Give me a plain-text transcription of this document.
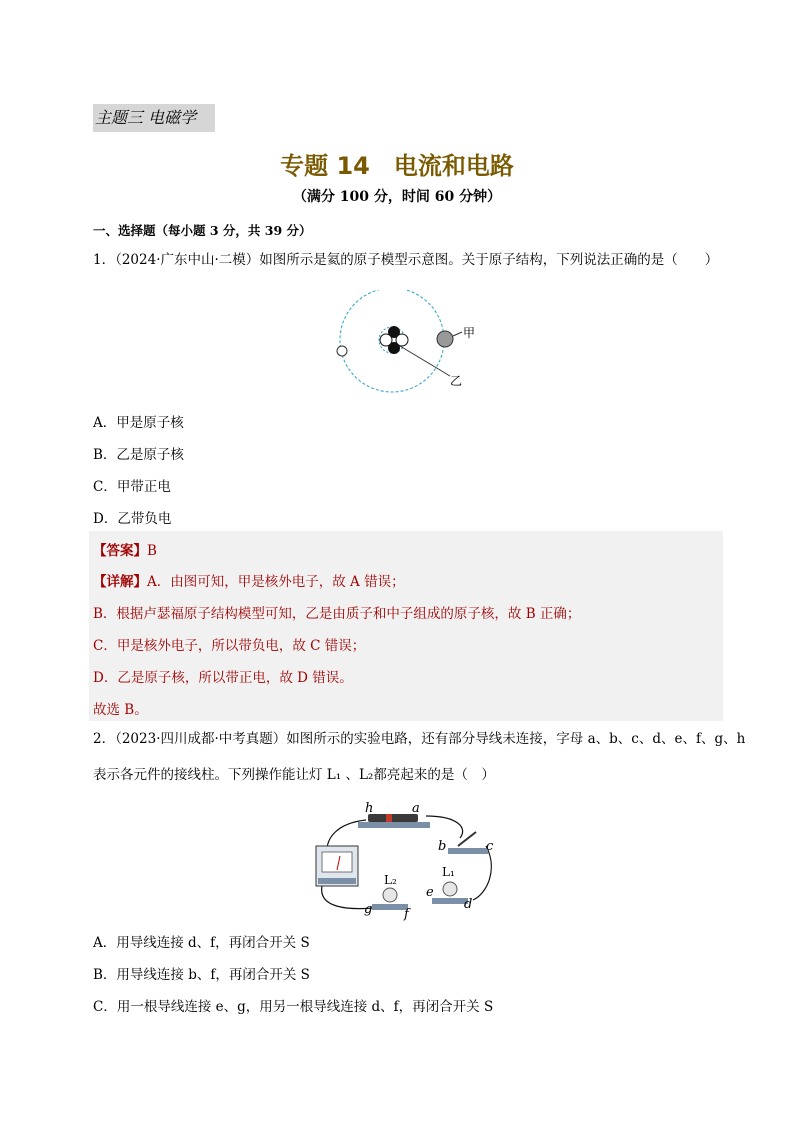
主题三 电磁学
专题 14　电流和电路
（满分 100 分，时间 60 分钟）
一、选择题（每小题 3 分，共 39 分）
1．（2024·广东中山·二模）如图所示是氦的原子模型示意图。关于原子结构，下列说法正确的是（　　）
甲
乙
A．甲是原子核
B．乙是原子核
C．甲带正电
D．乙带负电
【答案】B
【详解】A．由图可知，甲是核外电子，故 A 错误；
B．根据卢瑟福原子结构模型可知，乙是由质子和中子组成的原子核，故 B 正确；
C．甲是核外电子，所以带负电，故 C 错误；
D．乙是原子核，所以带正电，故 D 错误。
故选 B。
2．（2023·四川成都·中考真题）如图所示的实验电路，还有部分导线未连接，字母 a、b、c、d、e、f、g、h
表示各元件的接线柱。下列操作能让灯 L₁ 、L₂都亮起来的是（　）
h	a
b	c
L₂
g f
L₁
e
d
A．用导线连接 d、f，再闭合开关 S
B．用导线连接 b、f，再闭合开关 S
C．用一根导线连接 e、g，用另一根导线连接 d、f，再闭合开关 S
